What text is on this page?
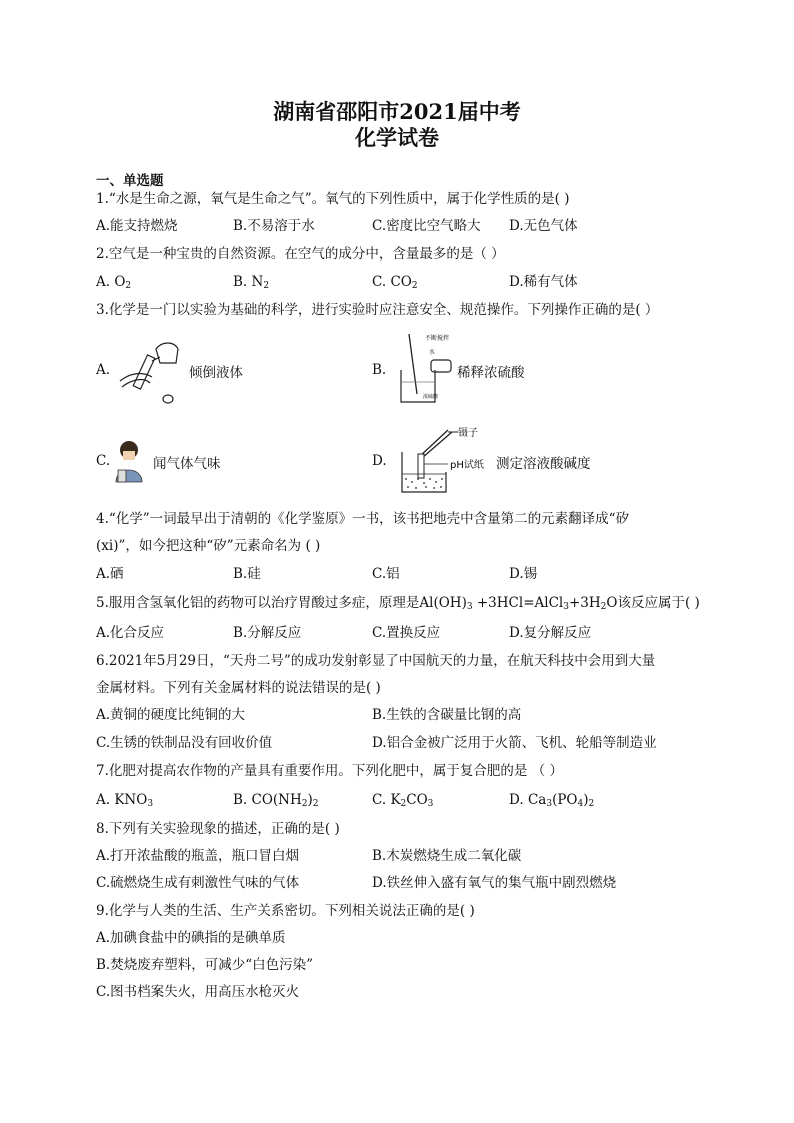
湖南省邵阳市2021届中考
化学试卷
一、单选题
1.“水是生命之源，氧气是生命之气”。氧气的下列性质中，属于化学性质的是( )
A.能支持燃烧	B.不易溶于水	C.密度比空气略大 D.无色气体
2.空气是一种宝贵的自然资源。在空气的成分中，含量最多的是（ ）
A. $O_2$	B. $N_2$	C. $CO_2$	D.稀有气体
3.化学是一门以实验为基础的科学，进行实验时应注意安全、规范操作。下列操作正确的是( ）
A.	倾倒液体	B.
不断搅拌
水
浓硫酸
稀释浓硫酸
C.	闻气体气味	D.
镊子
pH试纸 测定溶液酸碱度
4.“化学”一词最早出于清朝的《化学鉴原》一书，该书把地壳中含量第二的元素翻译成“矽
(xi)”，如今把这种“矽”元素命名为 ( )
A.硒	B.硅	C.铝	D.锡
5.服用含氢氧化铝的药物可以治疗胃酸过多症，原理是$Al(OH)_3$ $+3HCl=AlCl_3+3H_2O$该反应属于( )
A.化合反应	B.分解反应	C.置换反应	D.复分解反应
6.2021年5月29日，“天舟二号”的成功发射彰显了中国航天的力量，在航天科技中会用到大量
金属材料。下列有关金属材料的说法错误的是( )
A.黄铜的硬度比纯铜的大	B.生铁的含碳量比钢的高
C.生锈的铁制品没有回收价值	D.铝合金被广泛用于火箭、飞机、轮船等制造业
7.化肥对提高农作物的产量具有重要作用。下列化肥中，属于复合肥的是 （ ）
A. $KNO_3$	B. $CO(NH_2)_2$	C. $K_2CO_3$	D. $Ca_3(PO_4)_2$
8.下列有关实验现象的描述，正确的是( )
A.打开浓盐酸的瓶盖，瓶口冒白烟	B.木炭燃烧生成二氧化碳
C.硫燃烧生成有刺激性气味的气体	D.铁丝伸入盛有氧气的集气瓶中剧烈燃烧
9.化学与人类的生活、生产关系密切。下列相关说法正确的是( )
A.加碘食盐中的碘指的是碘单质
B.焚烧废弃塑料，可减少“白色污染”
C.图书档案失火，用高压水枪灭火
